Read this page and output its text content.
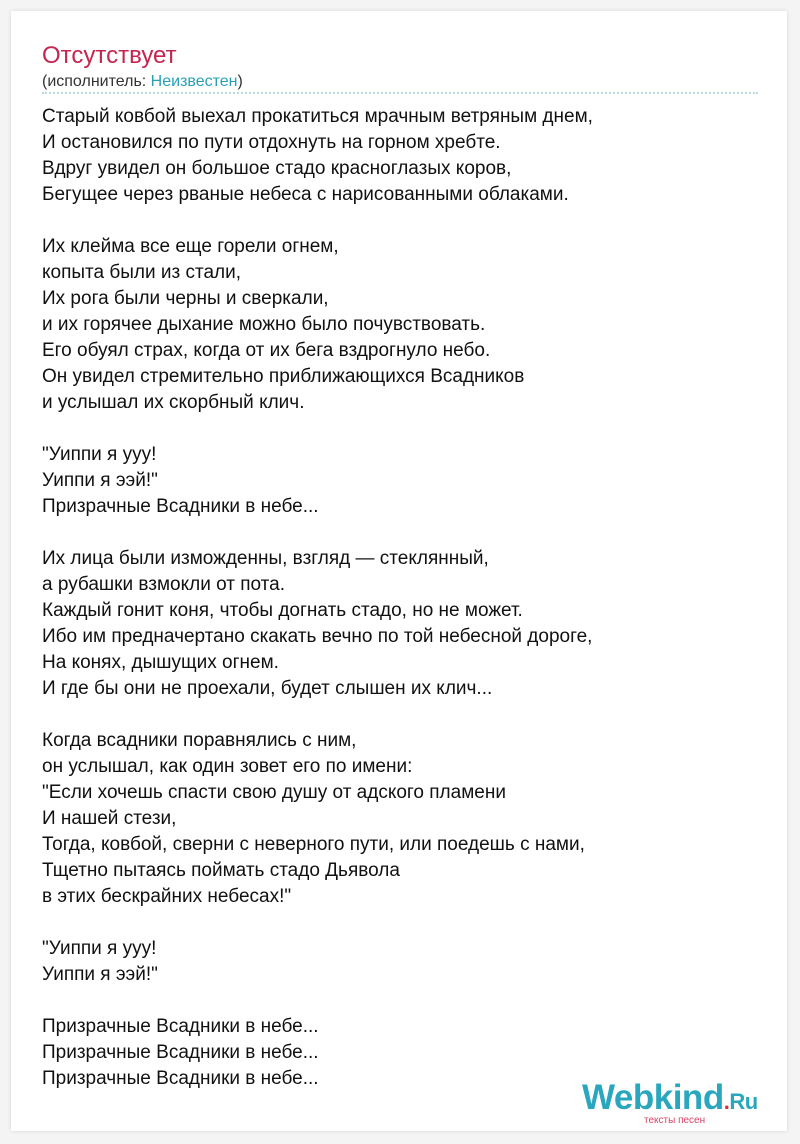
Отсутствует
(исполнитель: Неизвестен)
Старый ковбой выехал прокатиться мрачным ветряным днем,
И остановился по пути отдохнуть на горном хребте.
Вдруг увидел он большое стадо красноглазых коров,
Бегущее через рваные небеса с нарисованными облаками.
Их клейма все еще горели огнем,
копыта были из стали,
Их рога были черны и сверкали,
и их горячее дыхание можно было почувствовать.
Его обуял страх, когда от их бега вздрогнуло небо.
Он увидел стремительно приближающихся Всадников
и услышал их скорбный клич.
"Уиппи я ууу!
Уиппи я ээй!"
Призрачные Всадники в небе...
Их лица были изможденны, взгляд — стеклянный,
а рубашки взмокли от пота.
Каждый гонит коня, чтобы догнать стадо, но не может.
Ибо им предначертано скакать вечно по той небесной дороге,
На конях, дышущих огнем.
И где бы они не проехали, будет слышен их клич...
Когда всадники поравнялись с ним,
он услышал, как один зовет его по имени:
"Если хочешь спасти свою душу от адского пламени
И нашей стези,
Тогда, ковбой, сверни с неверного пути, или поедешь с нами,
Тщетно пытаясь поймать стадо Дьявола
в этих бескрайних небесах!"
"Уиппи я ууу!
Уиппи я ээй!"
Призрачные Всадники в небе...
Призрачные Всадники в небе...
Призрачные Всадники в небе...	Webkind.Ru
тексты песен
